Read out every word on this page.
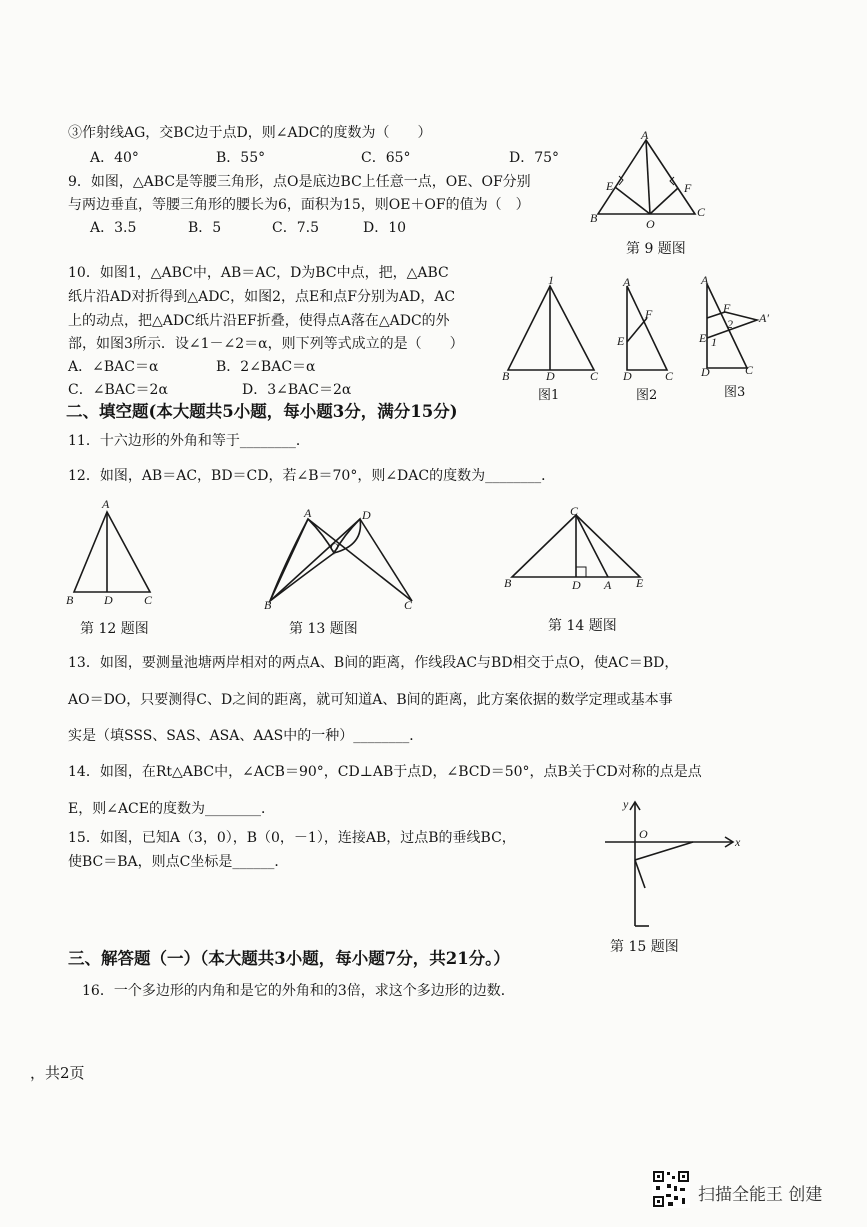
③作射线AG，交BC边于点D，则∠ADC的度数为（　　）
A．40°	B．55°	C．65°	D．75°
9．如图，△ABC是等腰三角形，点O是底边BC上任意一点，OE、OF分别
与两边垂直，等腰三角形的腰长为6，面积为15，则OE＋OF的值为（　）
A．3.5	B．5	C．7.5	D．10
A
B	C
E	F
O
第 9 题图
10．如图1，△ABC中，AB＝AC，D为BC中点，把，△ABC
纸片沿AD对折得到△ADC，如图2，点E和点F分别为AD，AC
上的动点，把△ADC纸片沿EF折叠，使得点A落在△ADC的外
部，如图3所示．设∠1－∠2＝α，则下列等式成立的是（　　）
A．∠BAC＝α	B．2∠BAC＝α
C．∠BAC＝2α	D．3∠BAC＝2α
1
B	D	C
图1
A
E
F
D	C
图2
A
E
F
A′
1
2
D	C
图3
二、填空题(本大题共5小题，每小题3分，满分15分)
11．十六边形的外角和等于________．
12．如图，AB＝AC，BD＝CD，若∠B＝70°，则∠DAC的度数为________．
A
B	D	C
第 12 题图
A	D
B	C
O
第 13 题图
C
B	D A E
第 14 题图
13．如图，要测量池塘两岸相对的两点A、B间的距离，作线段AC与BD相交于点O，使AC＝BD，
AO＝DO，只要测得C、D之间的距离，就可知道A、B间的距离，此方案依据的数学定理或基本事
实是（填SSS、SAS、ASA、AAS中的一种）________．
14．如图，在Rt△ABC中，∠ACB＝90°，CD⊥AB于点D，∠BCD＝50°，点B关于CD对称的点是点
E，则∠ACE的度数为________．
15．如图，已知A（3，0），B（0，－1），连接AB，过点B的垂线BC，
使BC＝BA，则点C坐标是______．
y
x
O
第 15 题图
三、解答题（一）（本大题共3小题，每小题7分，共21分。）
16．一个多边形的内角和是它的外角和的3倍，求这个多边形的边数．
，共2页
扫描全能王 创建
